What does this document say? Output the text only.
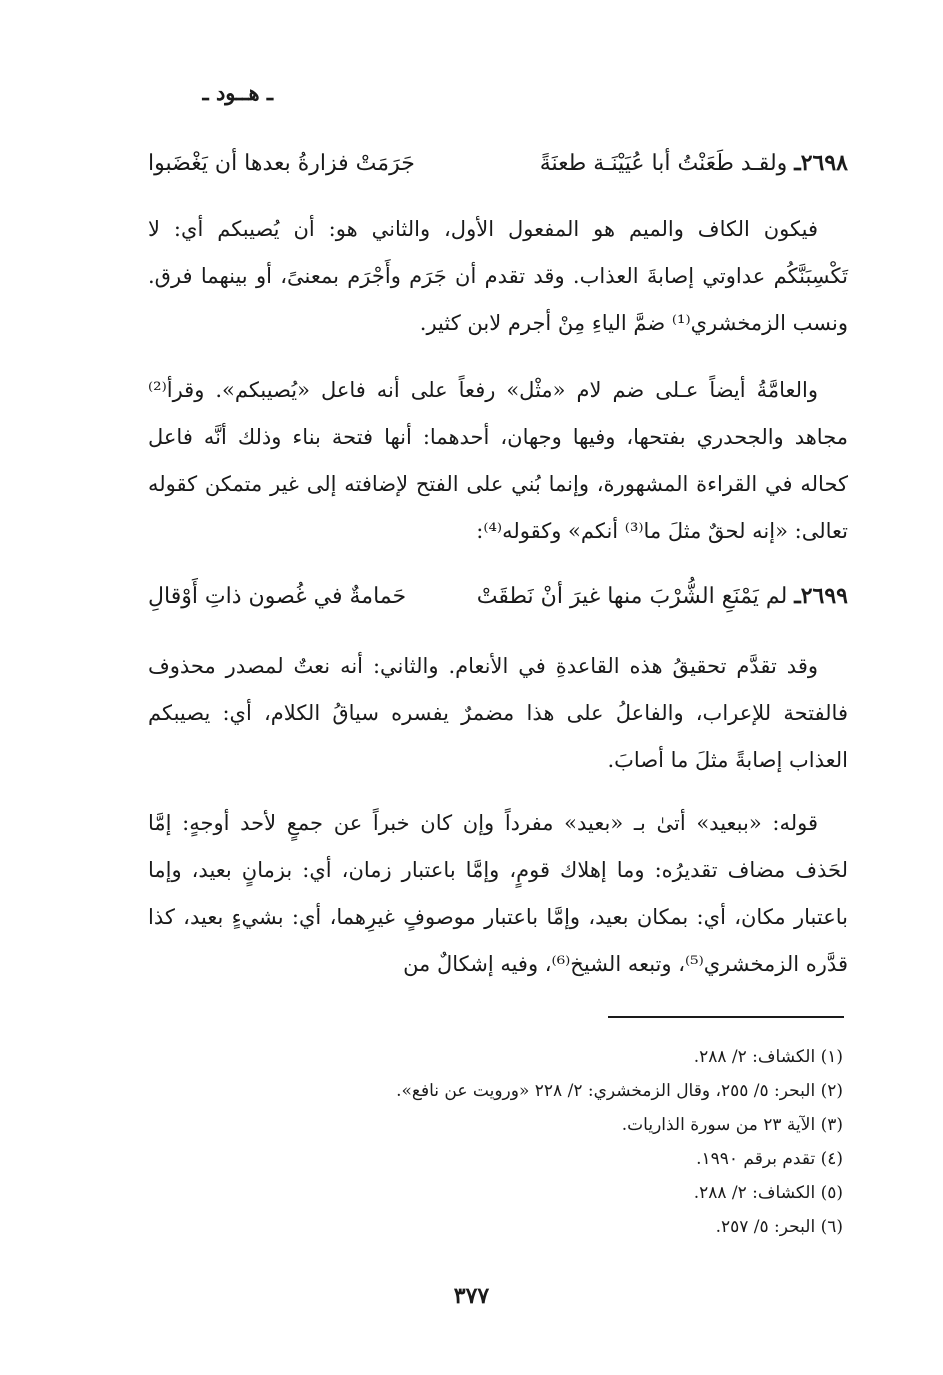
ـ هــود ـ
٢٦٩٨ـ ولقـد طَعَنْتُ أبا عُيَيْنَـة طعنَةً
جَرَمَتْ فزارةُ بعدها أن يَغْضَبوا

فيكون الكاف والميم هو المفعول الأول، والثاني هو: أن يُصيبكم أي: لا تَكْسِبَنَّكُم عداوتي إصابةَ العذاب. وقد تقدم أن جَرَم وأَجْرَم بمعنىً، أو بينهما فرق. ونسب الزمخشري⁽¹⁾ ضمَّ الياءِ مِنْ أجرم لابن كثير.

والعامَّةُ أيضاً عـلى ضم لام «مثْل» رفعاً على أنه فاعل «يُصيبكم». وقرأ⁽²⁾ مجاهد والجحدري بفتحها، وفيها وجهان، أحدهما: أنها فتحة بناء وذلك أنَّه فاعل كحاله في القراءة المشهورة، وإنما بُني على الفتح لإضافته إلى غير متمكن كقوله تعالى: «إنه لحقٌ مثلَ ما⁽³⁾ أنكم» وكقوله⁽⁴⁾:

٢٦٩٩ـ لم يَمْنَعِ الشُّرْبَ منها غيرَ أنْ نَطقَتْ
حَمامةٌ في غُصون ذاتِ أَوْقالِ

وقد تقدَّم تحقيقُ هذه القاعدةِ في الأنعام. والثاني: أنه نعتٌ لمصدر محذوف فالفتحة للإعراب، والفاعلُ على هذا مضمرٌ يفسره سياقُ الكلام، أي: يصيبكم العذاب إصابةً مثلَ ما أصابَ.

قوله: «ببعيد» أتىٰ بـ «بعيد» مفرداً وإن كان خبراً عن جمعٍ لأحد أوجهٍ: إمَّا لحَذف مضاف تقديرُه: وما إهلاك قومٍ، وإمَّا باعتبار زمان، أي: بزمانٍ بعيد، وإما باعتبار مكان، أي: بمكان بعيد، وإمَّا باعتبار موصوفٍ غيرِهما، أي: بشيءٍ بعيد، كذا قدَّره الزمخشري⁽⁵⁾، وتبعه الشيخ⁽⁶⁾، وفيه إشكالٌ من

(١) الكشاف: ٢/ ٢٨٨.
(٢) البحر: ٥/ ٢٥٥، وقال الزمخشري: ٢/ ٢٢٨ «ورويت عن نافع».
(٣) الآية ٢٣ من سورة الذاريات.
(٤) تقدم برقم ١٩٩٠.
(٥) الكشاف: ٢/ ٢٨٨.
(٦) البحر: ٥/ ٢٥٧.
٣٧٧
